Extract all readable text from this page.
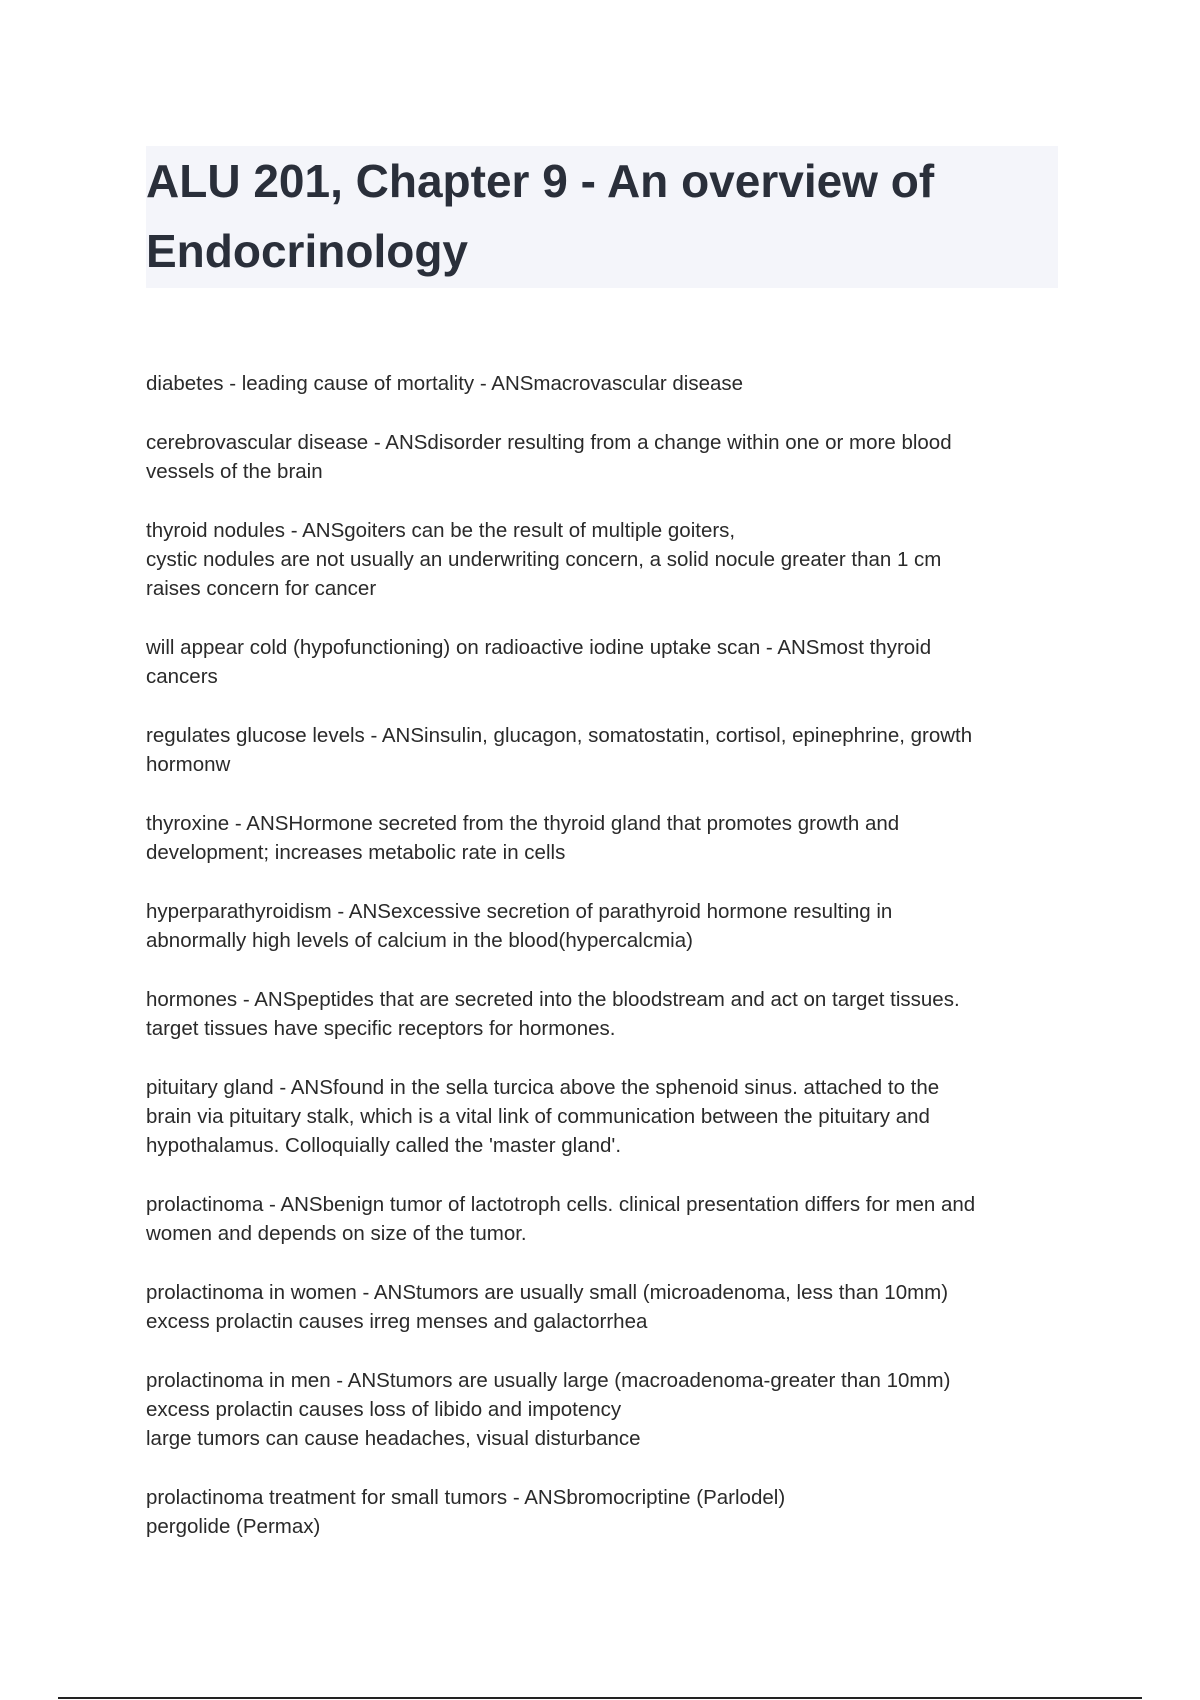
ALU 201, Chapter 9 - An overview of
Endocrinology

diabetes - leading cause of mortality - ANSmacrovascular disease

cerebrovascular disease - ANSdisorder resulting from a change within one or more blood
vessels of the brain

thyroid nodules - ANSgoiters can be the result of multiple goiters,
cystic nodules are not usually an underwriting concern, a solid nocule greater than 1 cm
raises concern for cancer

will appear cold (hypofunctioning) on radioactive iodine uptake scan - ANSmost thyroid
cancers

regulates glucose levels - ANSinsulin, glucagon, somatostatin, cortisol, epinephrine, growth
hormonw

thyroxine - ANSHormone secreted from the thyroid gland that promotes growth and
development; increases metabolic rate in cells

hyperparathyroidism - ANSexcessive secretion of parathyroid hormone resulting in
abnormally high levels of calcium in the blood(hypercalcmia)

hormones - ANSpeptides that are secreted into the bloodstream and act on target tissues.
target tissues have specific receptors for hormones.

pituitary gland - ANSfound in the sella turcica above the sphenoid sinus. attached to the
brain via pituitary stalk, which is a vital link of communication between the pituitary and
hypothalamus. Colloquially called the 'master gland'.

prolactinoma - ANSbenign tumor of lactotroph cells. clinical presentation differs for men and
women and depends on size of the tumor.

prolactinoma in women - ANStumors are usually small (microadenoma, less than 10mm)
excess prolactin causes irreg menses and galactorrhea

prolactinoma in men - ANStumors are usually large (macroadenoma-greater than 10mm)
excess prolactin causes loss of libido and impotency
large tumors can cause headaches, visual disturbance

prolactinoma treatment for small tumors - ANSbromocriptine (Parlodel)
pergolide (Permax)
